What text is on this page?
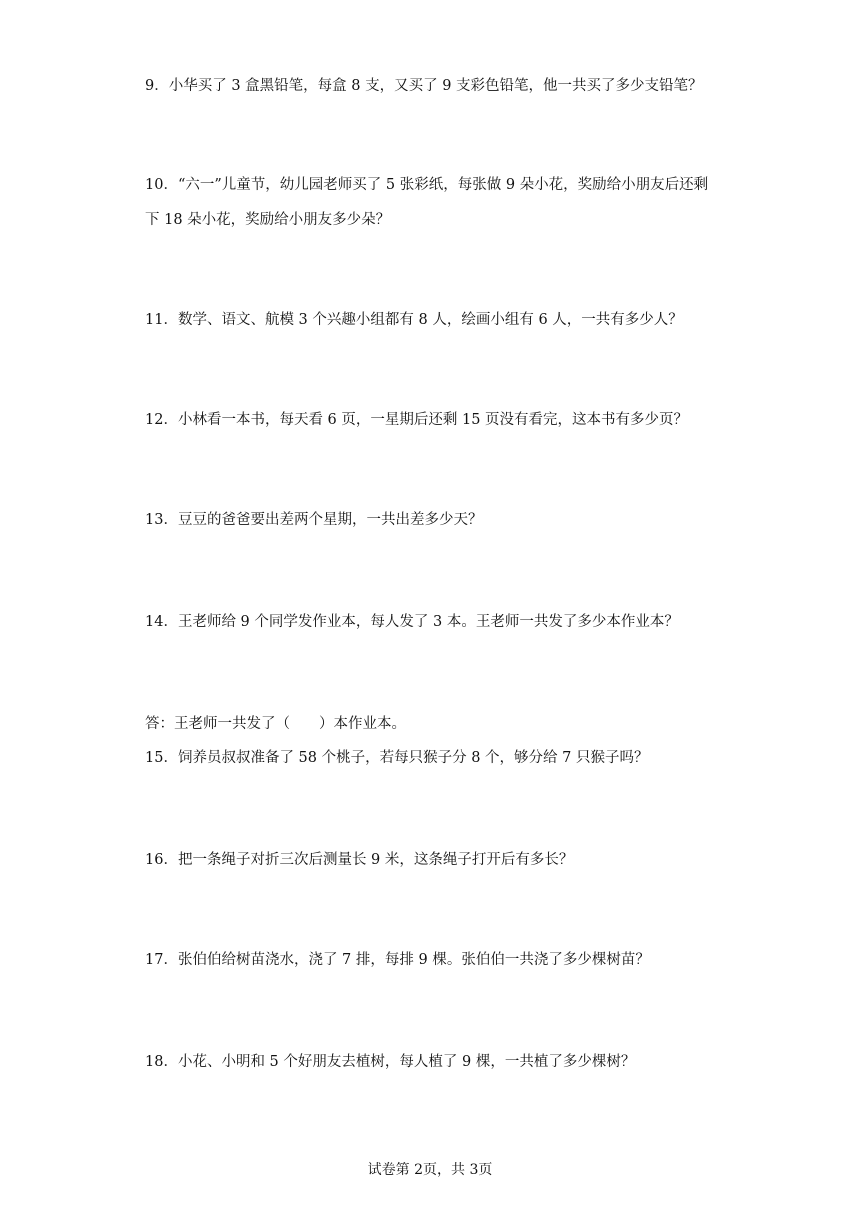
9．小华买了 3 盒黑铅笔，每盒 8 支，又买了 9 支彩色铅笔，他一共买了多少支铅笔？
10．“六一”儿童节，幼儿园老师买了 5 张彩纸，每张做 9 朵小花，奖励给小朋友后还剩
下 18 朵小花，奖励给小朋友多少朵？
11．数学、语文、航模 3 个兴趣小组都有 8 人，绘画小组有 6 人，一共有多少人？
12．小林看一本书，每天看 6 页，一星期后还剩 15 页没有看完，这本书有多少页？
13．豆豆的爸爸要出差两个星期，一共出差多少天？
14．王老师给 9 个同学发作业本，每人发了 3 本。王老师一共发了多少本作业本？
答：王老师一共发了（　　）本作业本。
15．饲养员叔叔准备了 58 个桃子，若每只猴子分 8 个，够分给 7 只猴子吗？
16．把一条绳子对折三次后测量长 9 米，这条绳子打开后有多长？
17．张伯伯给树苗浇水，浇了 7 排，每排 9 棵。张伯伯一共浇了多少棵树苗？
18．小花、小明和 5 个好朋友去植树，每人植了 9 棵，一共植了多少棵树？
试卷第 2页，共 3页
